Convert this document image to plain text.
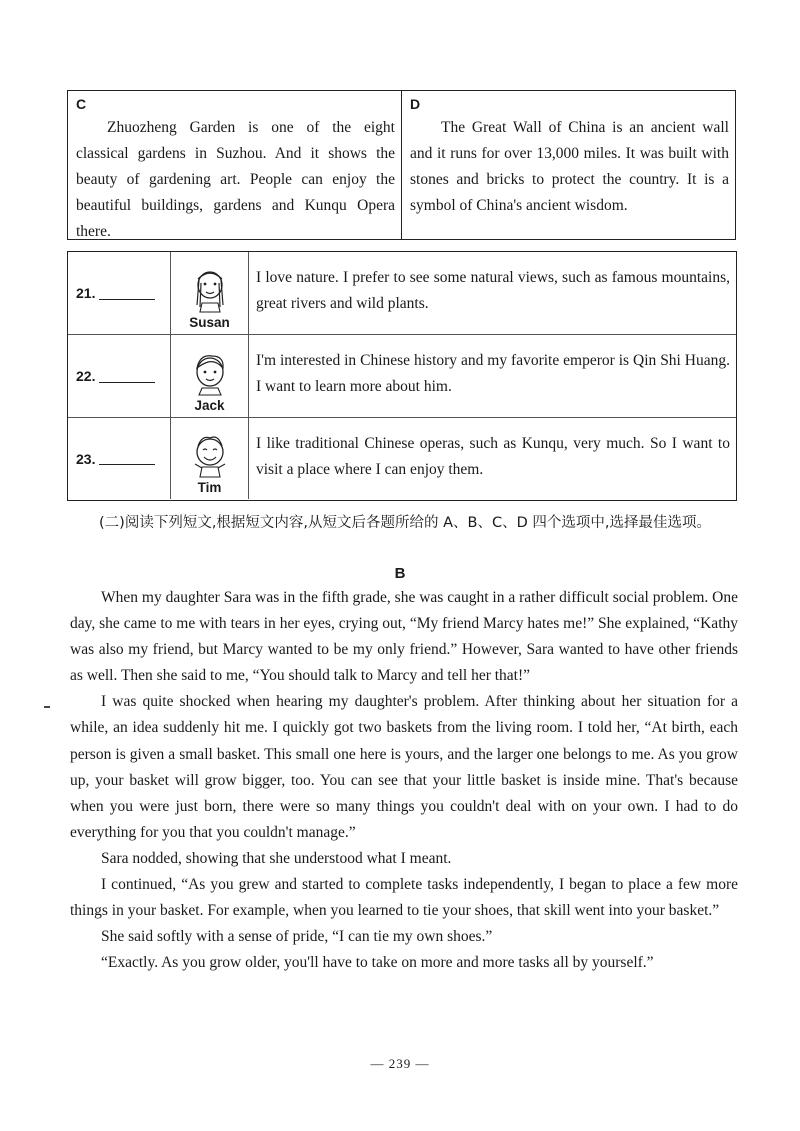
C
Zhuozheng Garden is one of the eight classical gardens in Suzhou. And it shows the beauty of gardening art. People can enjoy the beautiful buildings, gardens and Kunqu Opera there.
D
The Great Wall of China is an ancient wall and it runs for over 13,000 miles. It was built with stones and bricks to protect the country. It is a symbol of China's ancient wisdom.
21.
Susan
I love nature. I prefer to see some natural views, such as famous mountains, great rivers and wild plants.
22.
Jack
I'm interested in Chinese history and my favorite emperor is Qin Shi Huang. I want to learn more about him.
23.
Tim
I like traditional Chinese operas, such as Kunqu, very much. So I want to visit a place where I can enjoy them.
(二)阅读下列短文,根据短文内容,从短文后各题所给的 A、B、C、D 四个选项中,选择最佳选项。
B

When my daughter Sara was in the fifth grade, she was caught in a rather difficult social problem. One day, she came to me with tears in her eyes, crying out, “My friend Marcy hates me!” She explained, “Kathy was also my friend, but Marcy wanted to be my only friend.” However, Sara wanted to have other friends as well. Then she said to me, “You should talk to Marcy and tell her that!”

I was quite shocked when hearing my daughter's problem. After thinking about her situation for a while, an idea suddenly hit me. I quickly got two baskets from the living room. I told her, “At birth, each person is given a small basket. This small one here is yours, and the larger one belongs to me. As you grow up, your basket will grow bigger, too. You can see that your little basket is inside mine. That's because when you were just born, there were so many things you couldn't deal with on your own. I had to do everything for you that you couldn't manage.”

Sara nodded, showing that she understood what I meant.

I continued, “As you grew and started to complete tasks independently, I began to place a few more things in your basket. For example, when you learned to tie your shoes, that skill went into your basket.”

She said softly with a sense of pride, “I can tie my own shoes.”

“Exactly. As you grow older, you'll have to take on more and more tasks all by yourself.”

— 239 —
